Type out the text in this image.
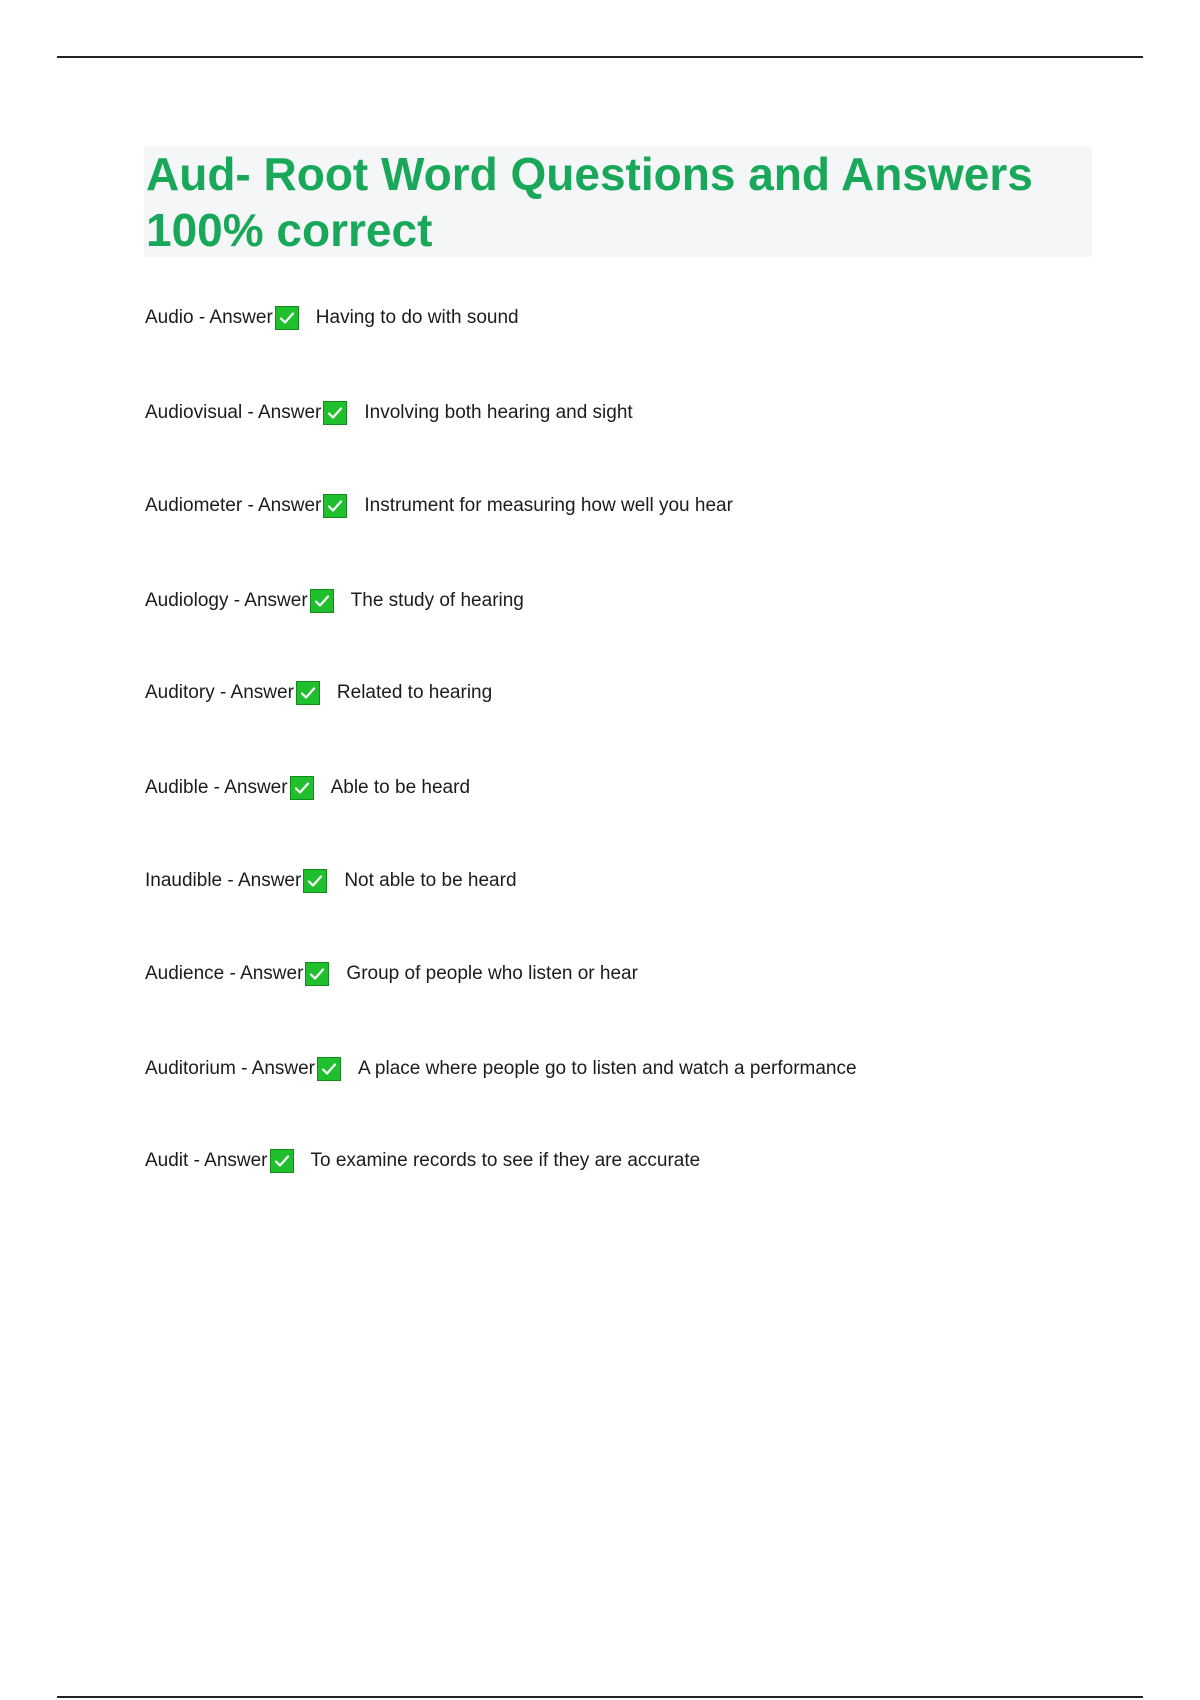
Aud- Root Word Questions and Answers
100% correct
Audio - Answer Having to do with sound
Audiovisual - Answer Involving both hearing and sight
Audiometer - Answer Instrument for measuring how well you hear
Audiology - Answer The study of hearing
Auditory - Answer Related to hearing
Audible - Answer Able to be heard
Inaudible - Answer Not able to be heard
Audience - Answer Group of people who listen or hear
Auditorium - Answer A place where people go to listen and watch a performance
Audit - Answer To examine records to see if they are accurate
